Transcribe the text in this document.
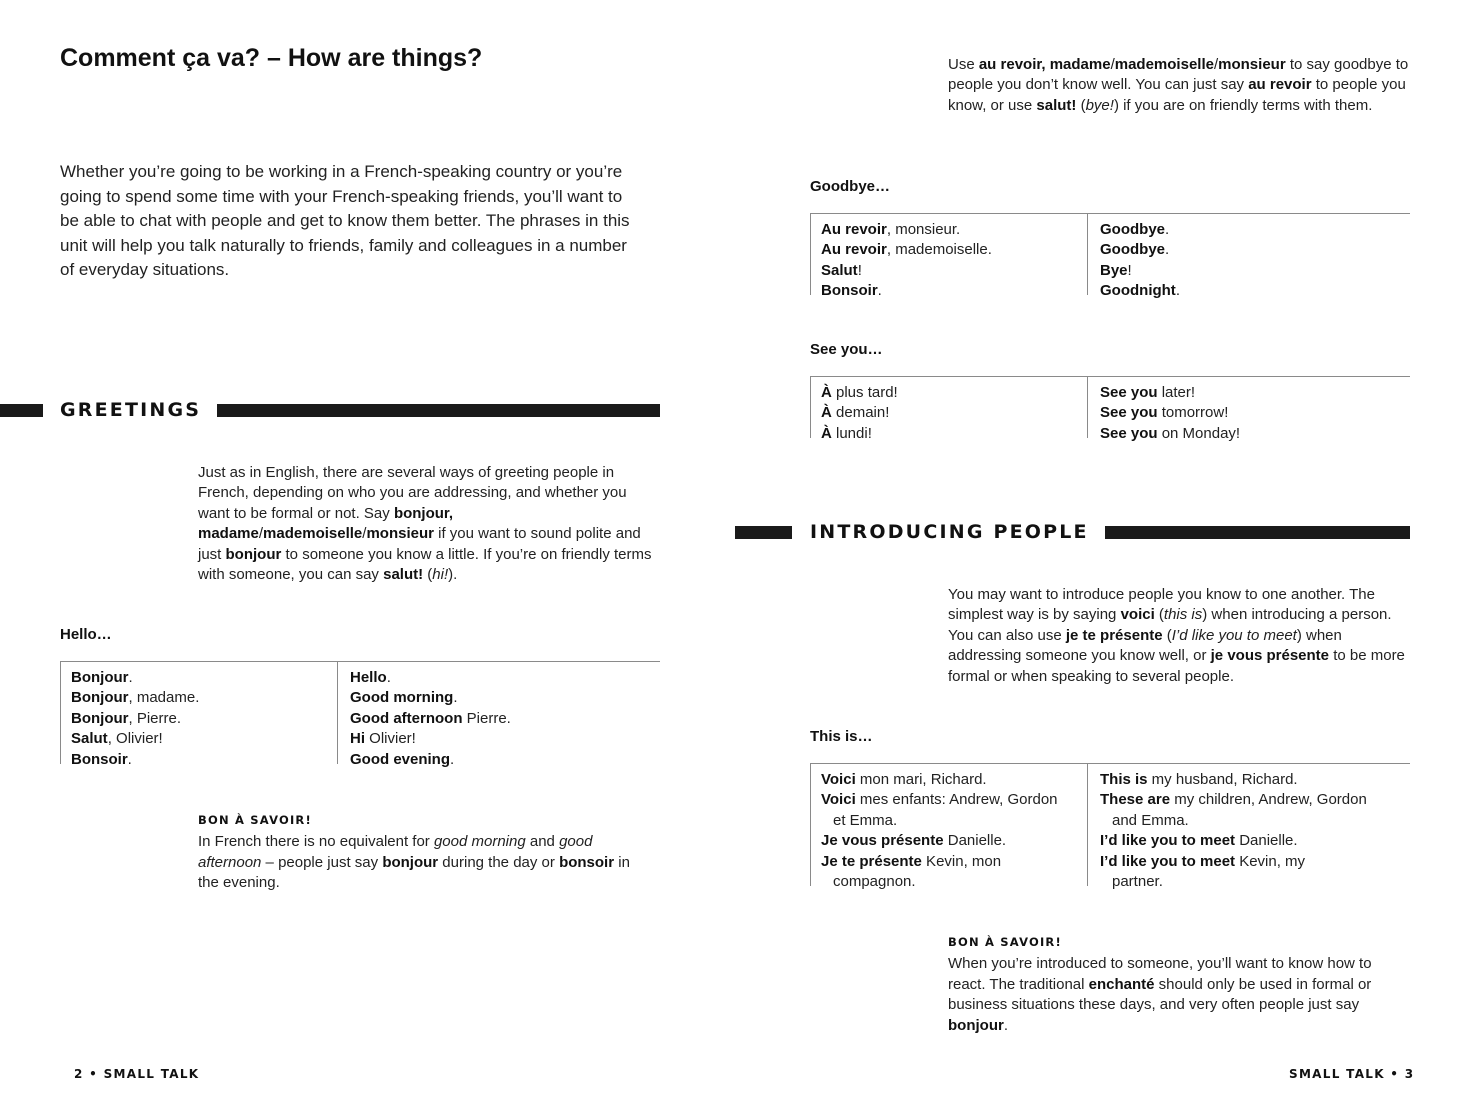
Comment ça va? – How are things?

Whether you’re going to be working in a French-speaking country or you’re going to spend some time with your French-speaking friends, you’ll want to be able to chat with people and get to know them better. The phrases in this unit will help you talk naturally to friends, family and colleagues in a number of everyday situations.

GREETINGS

Just as in English, there are several ways of greeting people in French, depending on who you are addressing, and whether you want to be formal or not. Say bonjour, madame/mademoiselle/monsieur if you want to sound polite and just bonjour to someone you know a little. If you’re on friendly terms with someone, you can say salut! (hi!).

Hello…

Bonjour.
Bonjour, madame.
Bonjour, Pierre.
Salut, Olivier!
Bonsoir.
Hello.
Good morning.
Good afternoon Pierre.
Hi Olivier!
Good evening.
BON À SAVOIR!
In French there is no equivalent for good morning and good afternoon – people just say bonjour during the day or bonsoir in the evening.
2 • SMALL TALK

Use au revoir, madame/mademoiselle/monsieur to say goodbye to people you don’t know well. You can just say au revoir to people you know, or use salut! (bye!) if you are on friendly terms with them.

Goodbye…

Au revoir, monsieur.
Au revoir, mademoiselle.
Salut!
Bonsoir.
Goodbye.
Goodbye.
Bye!
Goodnight.

See you…

À plus tard!
À demain!
À lundi!
See you later!
See you tomorrow!
See you on Monday!
INTRODUCING PEOPLE

You may want to introduce people you know to one another. The simplest way is by saying voici (this is) when introducing a person. You can also use je te présente (I’d like you to meet) when addressing someone you know well, or je vous présente to be more formal or when speaking to several people.

This is…

Voici mon mari, Richard.
Voici mes enfants: Andrew, Gordon
et Emma.
Je vous présente Danielle.
Je te présente Kevin, mon
compagnon.
This is my husband, Richard.
These are my children, Andrew, Gordon
and Emma.
I’d like you to meet Danielle.
I’d like you to meet Kevin, my
partner.
BON À SAVOIR!
When you’re introduced to someone, you’ll want to know how to react. The traditional enchanté should only be used in formal or business situations these days, and very often people just say bonjour.
SMALL TALK • 3
